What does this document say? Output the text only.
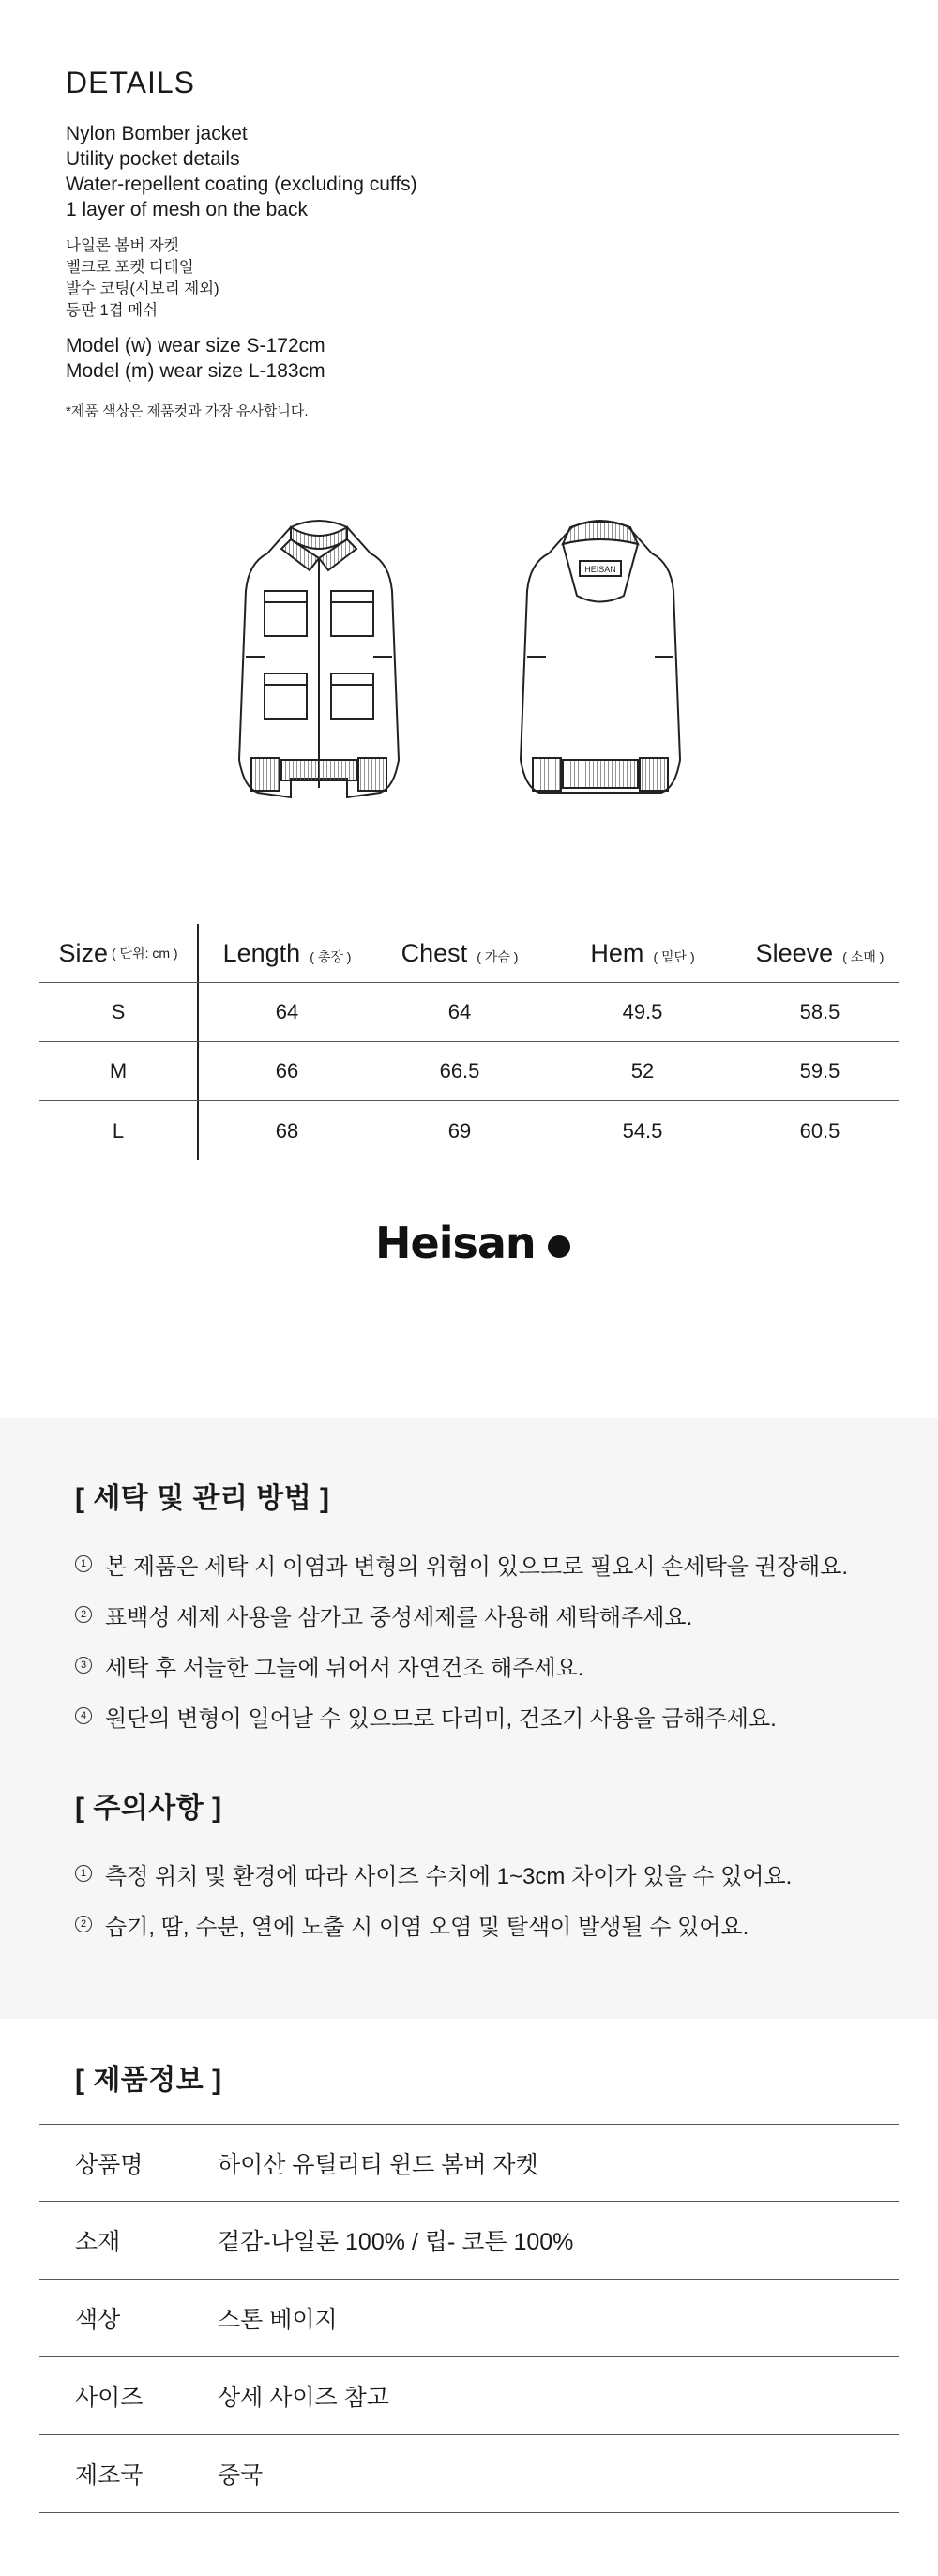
DETAILS
Nylon Bomber jacket
Utility pocket details
Water-repellent coating (excluding cuffs)
1 layer of mesh on the back
나일론 봄버 자켓
벨크로 포켓 디테일
발수 코팅(시보리 제외)
등판 1겹 메쉬
Model (w) wear size S-172cm
Model (m) wear size L-183cm
*제품 색상은 제품컷과 가장 유사합니다.
HEISAN
Size ( 단위: cm )	Length ( 총장 )	Chest ( 가슴 )	Hem ( 밑단 )	Sleeve ( 소매 )
S	64	64	49.5	58.5
M	66	66.5	52	59.5
L	68	69	54.5	60.5
Heisan
[ 세탁 및 관리 방법 ]
1 본 제품은 세탁 시 이염과 변형의 위험이 있으므로 필요시 손세탁을 권장해요.
2 표백성 세제 사용을 삼가고 중성세제를 사용해 세탁해주세요.
3 세탁 후 서늘한 그늘에 뉘어서 자연건조 해주세요.
4 원단의 변형이 일어날 수 있으므로 다리미, 건조기 사용을 금해주세요.
[ 주의사항 ]
1 측정 위치 및 환경에 따라 사이즈 수치에 1~3cm 차이가 있을 수 있어요.
2 습기, 땀, 수분, 열에 노출 시 이염 오염 및 탈색이 발생될 수 있어요.
[ 제품정보 ]
상품명	하이산 유틸리티 윈드 봄버 자켓
소재	겉감-나일론 100% / 립- 코튼 100%
색상	스톤 베이지
사이즈	상세 사이즈 참고
제조국	중국
